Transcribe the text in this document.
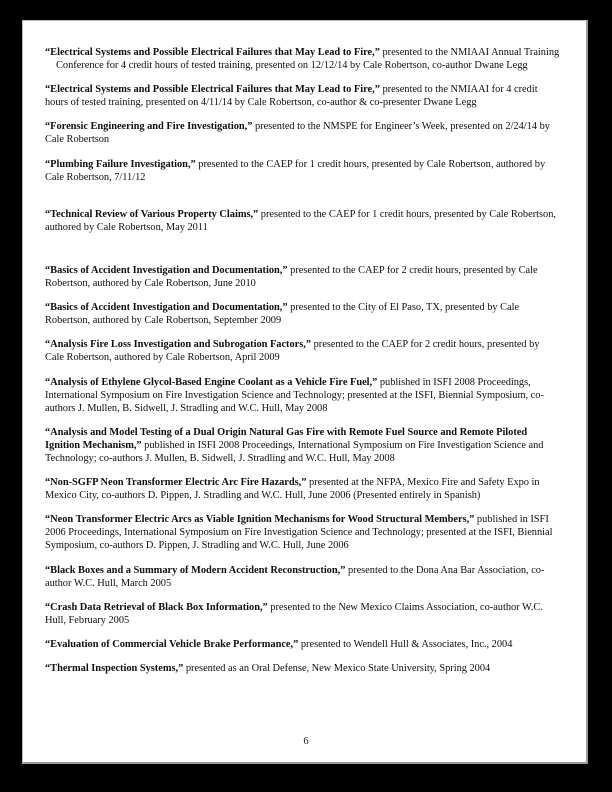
“Electrical Systems and Possible Electrical Failures that May Lead to Fire,” presented to the NMIAAI Annual Training Conference for 4 credit hours of tested training, presented on 12/12/14 by Cale Robertson, co-author Dwane Legg

“Electrical Systems and Possible Electrical Failures that May Lead to Fire,” presented to the NMIAAI for 4 credit hours of tested training, presented on 4/11/14 by Cale Robertson, co-author & co-presenter Dwane Legg

“Forensic Engineering and Fire Investigation,” presented to the NMSPE for Engineer’s Week, presented on 2/24/14 by Cale Robertson

“Plumbing Failure Investigation,” presented to the CAEP for 1 credit hours, presented by Cale Robertson, authored by Cale Robertson, 7/11/12

“Technical Review of Various Property Claims,” presented to the CAEP for 1 credit hours, presented by Cale Robertson, authored by Cale Robertson, May 2011

“Basics of Accident Investigation and Documentation,” presented to the CAEP for 2 credit hours, presented by Cale Robertson, authored by Cale Robertson, June 2010

“Basics of Accident Investigation and Documentation,” presented to the City of El Paso, TX, presented by Cale Robertson, authored by Cale Robertson, September 2009

“Analysis Fire Loss Investigation and Subrogation Factors,” presented to the CAEP for 2 credit hours, presented by Cale Robertson, authored by Cale Robertson, April 2009

“Analysis of Ethylene Glycol-Based Engine Coolant as a Vehicle Fire Fuel,” published in ISFI 2008 Proceedings, International Symposium on Fire Investigation Science and Technology; presented at the ISFI, Biennial Symposium, co-authors J. Mullen, B. Sidwell, J. Stradling and W.C. Hull, May 2008

“Analysis and Model Testing of a Dual Origin Natural Gas Fire with Remote Fuel Source and Remote Piloted Ignition Mechanism,” published in ISFI 2008 Proceedings, International Symposium on Fire Investigation Science and Technology; co-authors J. Mullen, B. Sidwell, J. Stradling and W.C. Hull, May 2008

“Non-SGFP Neon Transformer Electric Arc Fire Hazards,” presented at the NFPA, Mexico Fire and Safety Expo in Mexico City, co-authors D. Pippen, J. Stradling and W.C. Hull, June 2006 (Presented entirely in Spanish)

“Neon Transformer Electric Arcs as Viable Ignition Mechanisms for Wood Structural Members,” published in ISFI 2006 Proceedings, International Symposium on Fire Investigation Science and Technology; presented at the ISFI, Biennial Symposium, co-authors D. Pippen, J. Stradling and W.C. Hull, June 2006

“Black Boxes and a Summary of Modern Accident Reconstruction,” presented to the Dona Ana Bar Association, co-author W.C. Hull, March 2005

“Crash Data Retrieval of Black Box Information,” presented to the New Mexico Claims Association, co-author W.C. Hull, February 2005

“Evaluation of Commercial Vehicle Brake Performance,” presented to Wendell Hull & Associates, Inc., 2004

“Thermal Inspection Systems,” presented as an Oral Defense, New Mexico State University, Spring 2004

6
